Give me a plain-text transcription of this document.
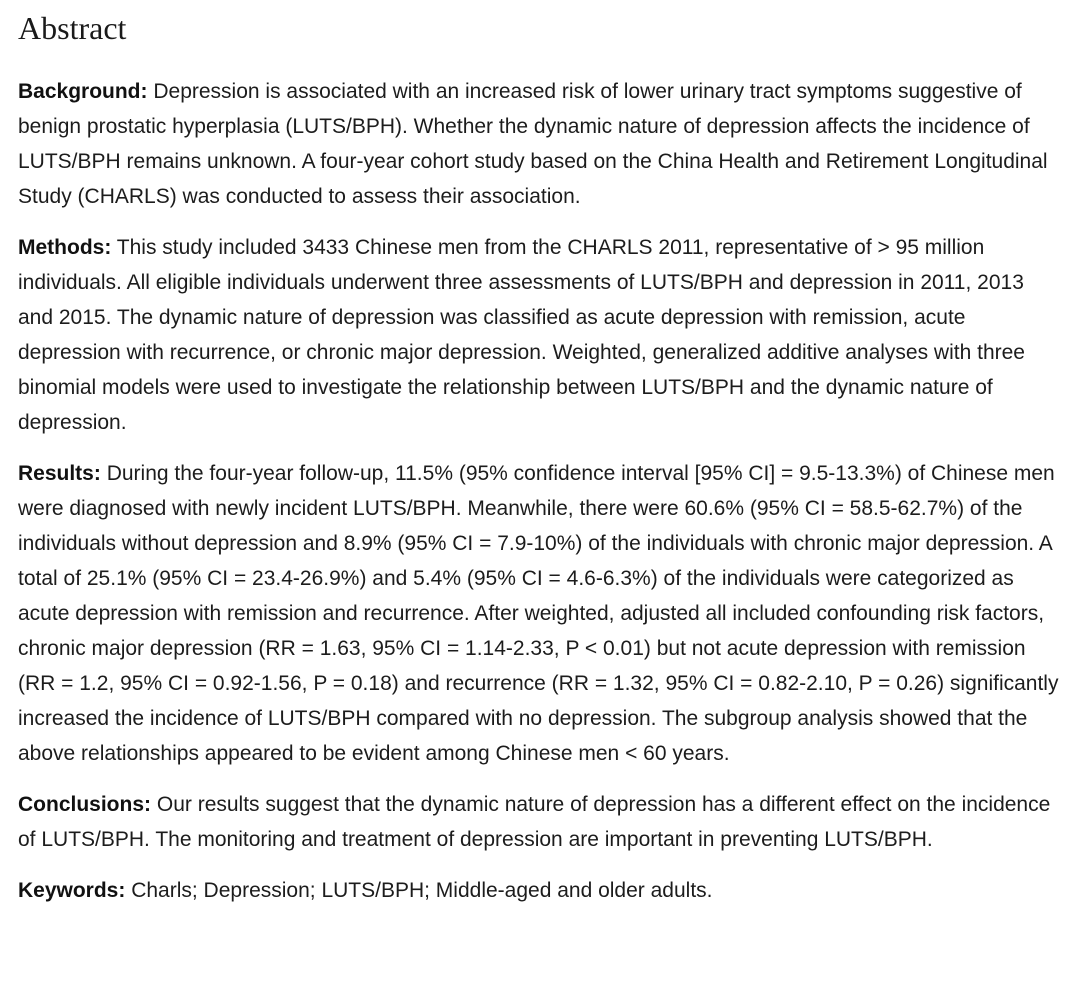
Abstract

Background: Depression is associated with an increased risk of lower urinary tract symptoms suggestive of benign prostatic hyperplasia (LUTS/BPH). Whether the dynamic nature of depression affects the incidence of LUTS/BPH remains unknown. A four-year cohort study based on the China Health and Retirement Longitudinal Study (CHARLS) was conducted to assess their association.

Methods: This study included 3433 Chinese men from the CHARLS 2011, representative of > 95 million individuals. All eligible individuals underwent three assessments of LUTS/BPH and depression in 2011, 2013 and 2015. The dynamic nature of depression was classified as acute depression with remission, acute depression with recurrence, or chronic major depression. Weighted, generalized additive analyses with three binomial models were used to investigate the relationship between LUTS/BPH and the dynamic nature of depression.

Results: During the four-year follow-up, 11.5% (95% confidence interval [95% CI] = 9.5-13.3%) of Chinese men were diagnosed with newly incident LUTS/BPH. Meanwhile, there were 60.6% (95% CI = 58.5-62.7%) of the individuals without depression and 8.9% (95% CI = 7.9-10%) of the individuals with chronic major depression. A total of 25.1% (95% CI = 23.4-26.9%) and 5.4% (95% CI = 4.6-6.3%) of the individuals were categorized as acute depression with remission and recurrence. After weighted, adjusted all included confounding risk factors, chronic major depression (RR = 1.63, 95% CI = 1.14-2.33, P < 0.01) but not acute depression with remission (RR = 1.2, 95% CI = 0.92-1.56, P = 0.18) and recurrence (RR = 1.32, 95% CI = 0.82-2.10, P = 0.26) significantly increased the incidence of LUTS/BPH compared with no depression. The subgroup analysis showed that the above relationships appeared to be evident among Chinese men < 60 years.

Conclusions: Our results suggest that the dynamic nature of depression has a different effect on the incidence of LUTS/BPH. The monitoring and treatment of depression are important in preventing LUTS/BPH.

Keywords: Charls; Depression; LUTS/BPH; Middle-aged and older adults.
